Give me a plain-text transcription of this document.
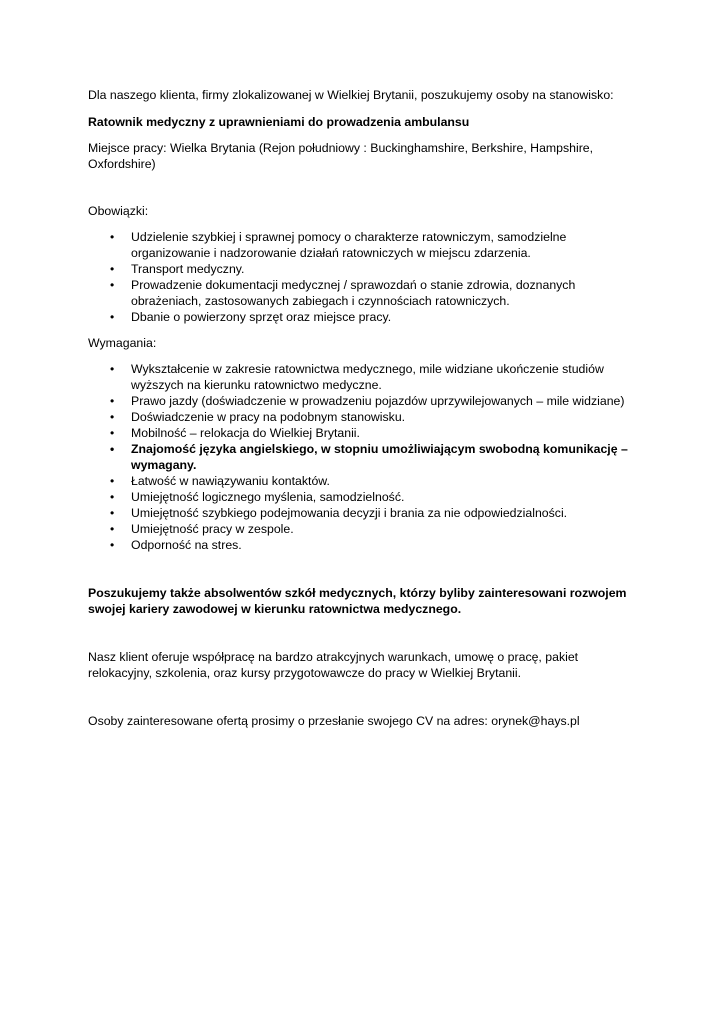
Dla naszego klienta, firmy zlokalizowanej w Wielkiej Brytanii, poszukujemy osoby na stanowisko:

Ratownik medyczny z uprawnieniami do prowadzenia ambulansu

Miejsce pracy: Wielka Brytania (Rejon południowy : Buckinghamshire, Berkshire, Hampshire, Oxfordshire)

Obowiązki:

• Udzielenie szybkiej i sprawnej pomocy o charakterze ratowniczym, samodzielne organizowanie i nadzorowanie działań ratowniczych w miejscu zdarzenia.
• Transport medyczny.
• Prowadzenie dokumentacji medycznej / sprawozdań o stanie zdrowia, doznanych obrażeniach, zastosowanych zabiegach i czynnościach ratowniczych.
• Dbanie o powierzony sprzęt oraz miejsce pracy.

Wymagania:

• Wykształcenie w zakresie ratownictwa medycznego, mile widziane ukończenie studiów wyższych na kierunku ratownictwo medyczne.
• Prawo jazdy (doświadczenie w prowadzeniu pojazdów uprzywilejowanych – mile widziane)
• Doświadczenie w pracy na podobnym stanowisku.
• Mobilność – relokacja do Wielkiej Brytanii.
• Znajomość języka angielskiego, w stopniu umożliwiającym swobodną komunikację – wymagany.
• Łatwość w nawiązywaniu kontaktów.
• Umiejętność logicznego myślenia, samodzielność.
• Umiejętność szybkiego podejmowania decyzji i brania za nie odpowiedzialności.
• Umiejętność pracy w zespole.
• Odporność na stres.

Poszukujemy także absolwentów szkół medycznych, którzy byliby zainteresowani rozwojem swojej kariery zawodowej w kierunku ratownictwa medycznego.

Nasz klient oferuje współpracę na bardzo atrakcyjnych warunkach, umowę o pracę, pakiet relokacyjny, szkolenia, oraz kursy przygotowawcze do pracy w Wielkiej Brytanii.

Osoby zainteresowane ofertą prosimy o przesłanie swojego CV na adres: orynek@hays.pl
